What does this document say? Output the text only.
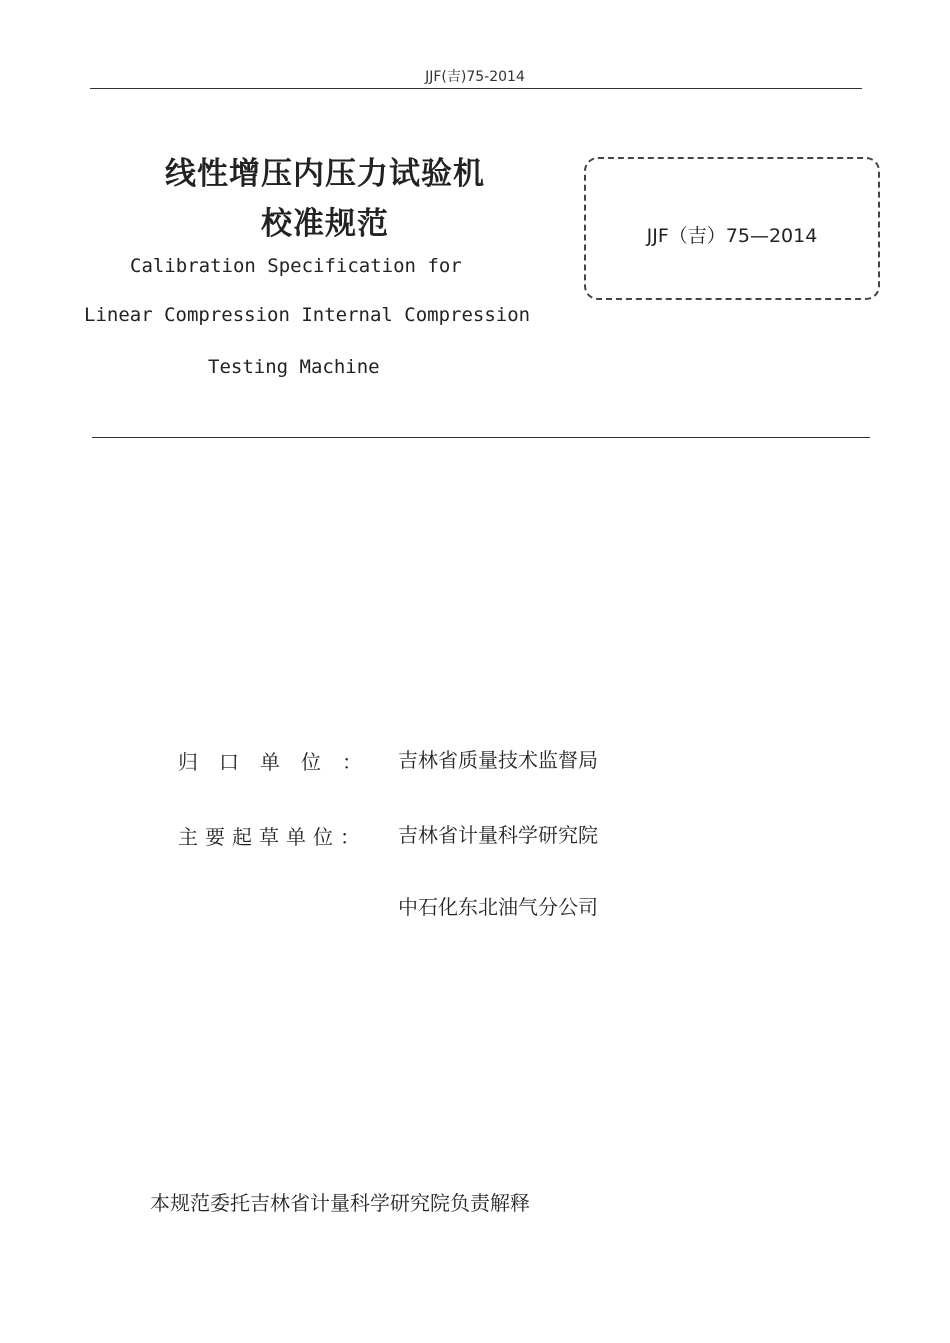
JJF(吉)75-2014
线性增压内压力试验机
校准规范	JJF（吉）75—2014
Calibration Specification for
Linear Compression Internal Compression
Testing Machine
归口单位： 吉林省质量技术监督局
主要起草单位： 吉林省计量科学研究院
中石化东北油气分公司
本规范委托吉林省计量科学研究院负责解释
